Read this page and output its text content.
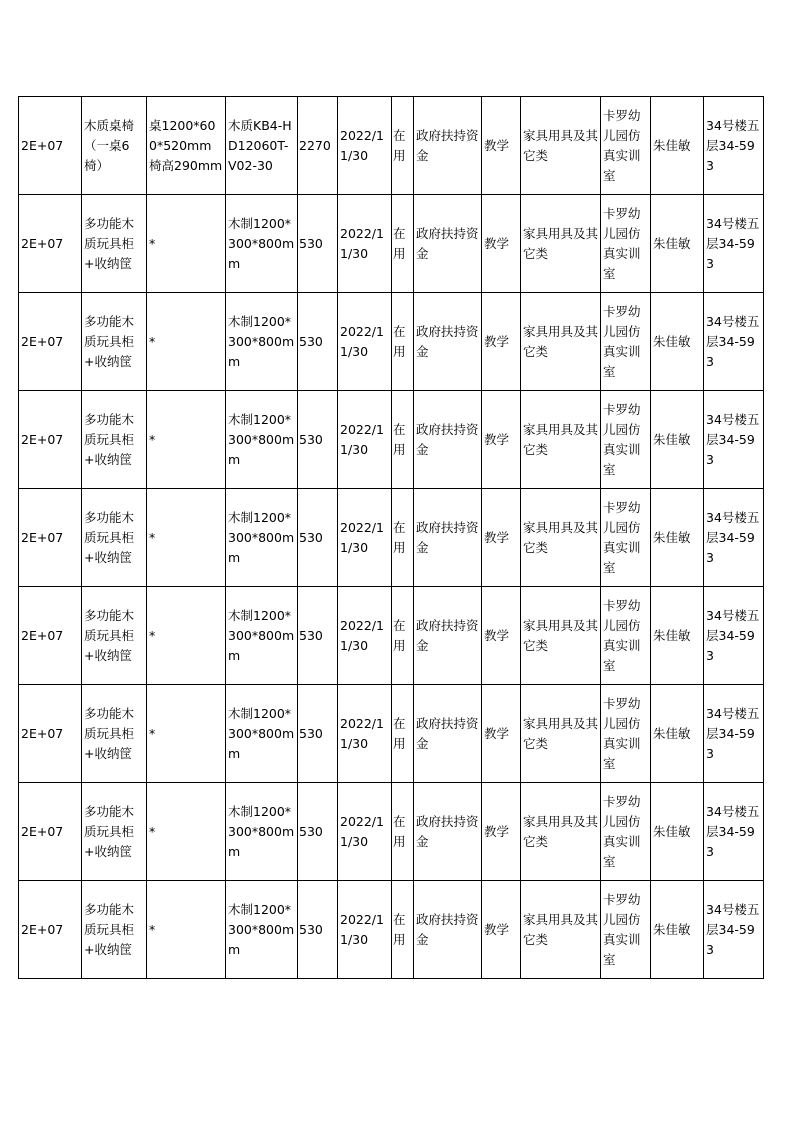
2E+07	木质桌椅（一桌6椅）	桌1200*600*520mm椅高290mm	木质KB4-HD12060T-V02-30	2270	2022/11/30	在用	政府扶持资金	教学	家具用具及其它类	卡罗幼儿园仿真实训室	朱佳敏	34号楼五层34-593
2E+07	多功能木质玩具柜+收纳筐	*	木制1200*300*800mm	530	2022/11/30	在用	政府扶持资金	教学	家具用具及其它类	卡罗幼儿园仿真实训室	朱佳敏	34号楼五层34-593
2E+07	多功能木质玩具柜+收纳筐	*	木制1200*300*800mm	530	2022/11/30	在用	政府扶持资金	教学	家具用具及其它类	卡罗幼儿园仿真实训室	朱佳敏	34号楼五层34-593
2E+07	多功能木质玩具柜+收纳筐	*	木制1200*300*800mm	530	2022/11/30	在用	政府扶持资金	教学	家具用具及其它类	卡罗幼儿园仿真实训室	朱佳敏	34号楼五层34-593
2E+07	多功能木质玩具柜+收纳筐	*	木制1200*300*800mm	530	2022/11/30	在用	政府扶持资金	教学	家具用具及其它类	卡罗幼儿园仿真实训室	朱佳敏	34号楼五层34-593
2E+07	多功能木质玩具柜+收纳筐	*	木制1200*300*800mm	530	2022/11/30	在用	政府扶持资金	教学	家具用具及其它类	卡罗幼儿园仿真实训室	朱佳敏	34号楼五层34-593
2E+07	多功能木质玩具柜+收纳筐	*	木制1200*300*800mm	530	2022/11/30	在用	政府扶持资金	教学	家具用具及其它类	卡罗幼儿园仿真实训室	朱佳敏	34号楼五层34-593
2E+07	多功能木质玩具柜+收纳筐	*	木制1200*300*800mm	530	2022/11/30	在用	政府扶持资金	教学	家具用具及其它类	卡罗幼儿园仿真实训室	朱佳敏	34号楼五层34-593
2E+07	多功能木质玩具柜+收纳筐	*	木制1200*300*800mm	530	2022/11/30	在用	政府扶持资金	教学	家具用具及其它类	卡罗幼儿园仿真实训室	朱佳敏	34号楼五层34-593
